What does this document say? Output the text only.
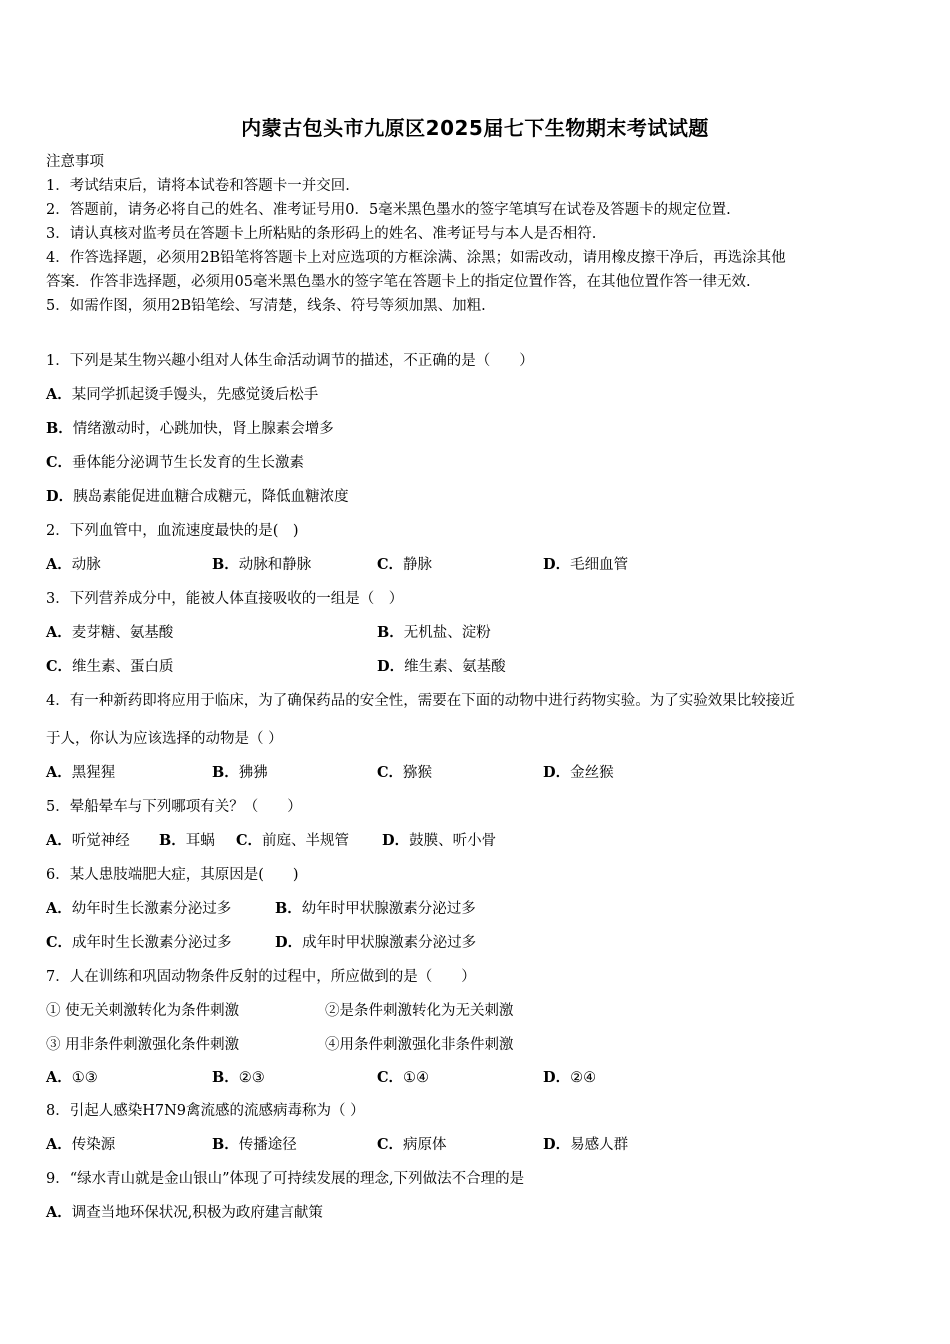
内蒙古包头市九原区2025届七下生物期末考试试题
注意事项
1．考试结束后，请将本试卷和答题卡一并交回.
2．答题前，请务必将自己的姓名、准考证号用0．5毫米黑色墨水的签字笔填写在试卷及答题卡的规定位置.
3．请认真核对监考员在答题卡上所粘贴的条形码上的姓名、准考证号与本人是否相符.
4．作答选择题，必须用2B铅笔将答题卡上对应选项的方框涂满、涂黑；如需改动，请用橡皮擦干净后，再选涂其他
答案．作答非选择题，必须用05毫米黑色墨水的签字笔在答题卡上的指定位置作答，在其他位置作答一律无效.
5．如需作图，须用2B铅笔绘、写清楚，线条、符号等须加黑、加粗.
1．下列是某生物兴趣小组对人体生命活动调节的描述，不正确的是（　　）
A．某同学抓起烫手馒头，先感觉烫后松手
B．情绪激动时，心跳加快，肾上腺素会增多
C．垂体能分泌调节生长发育的生长激素
D．胰岛素能促进血糖合成糖元，降低血糖浓度
2．下列血管中，血流速度最快的是(　)
A．动脉	B．动脉和静脉	C．静脉	D．毛细血管
3．下列营养成分中，能被人体直接吸收的一组是（　）
A．麦芽糖、氨基酸	B．无机盐、淀粉
C．维生素、蛋白质	D．维生素、氨基酸
4．有一种新药即将应用于临床，为了确保药品的安全性，需要在下面的动物中进行药物实验。为了实验效果比较接近
于人，你认为应该选择的动物是（ ）
A．黑猩猩	B．狒狒	C．猕猴	D．金丝猴
5．晕船晕车与下列哪项有关？（　　）
A．听觉神经 B．耳蜗 C．前庭、半规管 D．鼓膜、听小骨
6．某人患肢端肥大症，其原因是(　　)
A．幼年时生长激素分泌过多	B．幼年时甲状腺激素分泌过多
C．成年时生长激素分泌过多	D．成年时甲状腺激素分泌过多
7．人在训练和巩固动物条件反射的过程中，所应做到的是（　　）
① 使无关刺激转化为条件刺激	②是条件刺激转化为无关刺激
③ 用非条件刺激强化条件刺激	④用条件刺激强化非条件刺激
A．①③	B．②③	C．①④	D．②④
8．引起人感染H7N9禽流感的流感病毒称为（ ）
A．传染源	B．传播途径	C．病原体	D．易感人群
9．“绿水青山就是金山银山”体现了可持续发展的理念,下列做法不合理的是
A．调查当地环保状况,积极为政府建言献策
